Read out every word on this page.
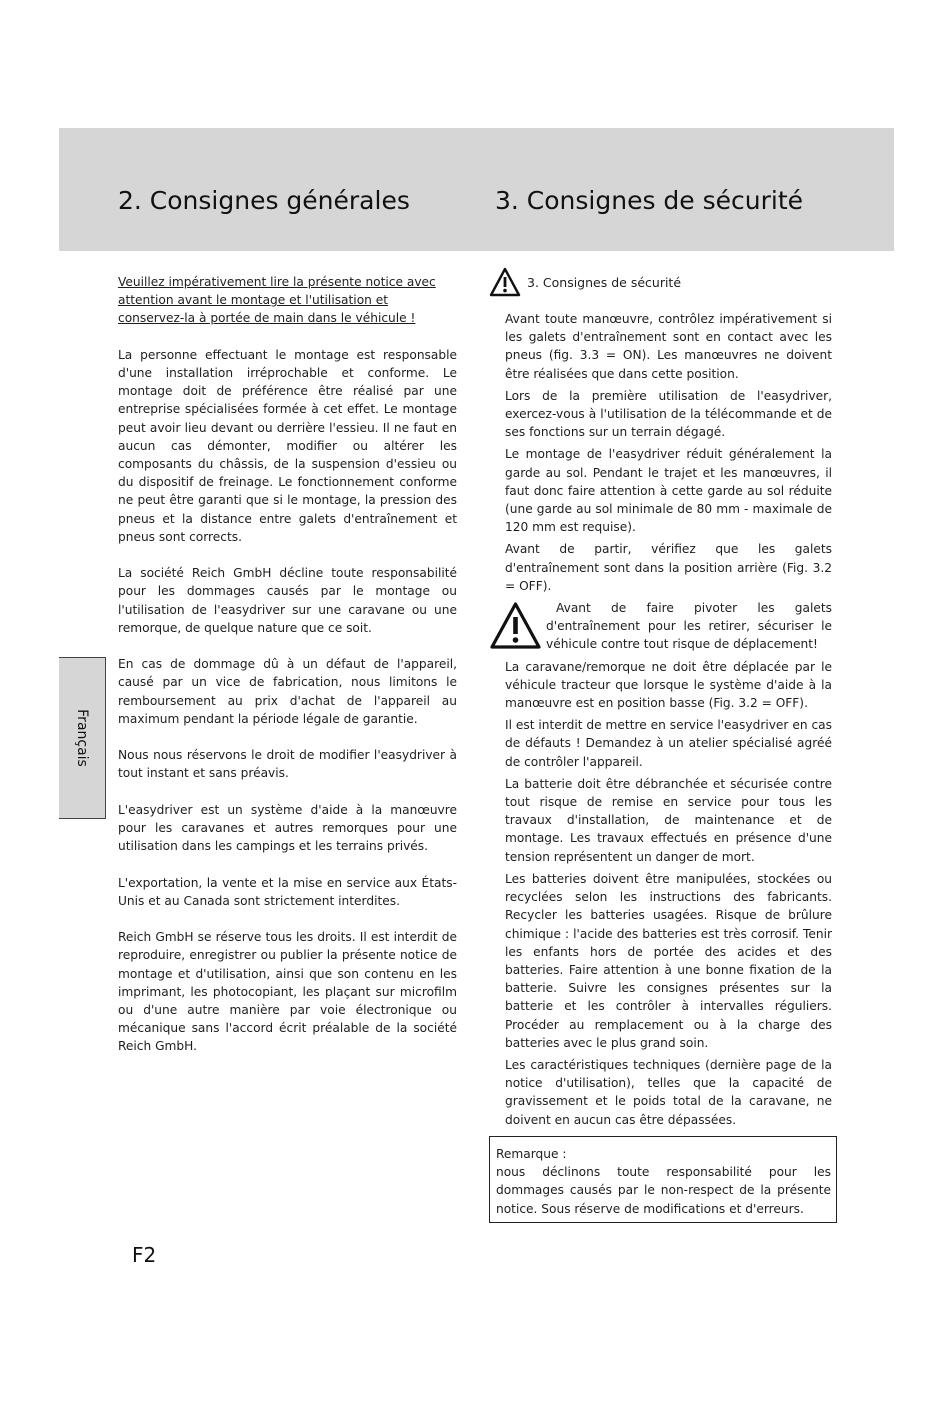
2. Consignes générales	3. Consignes de sécurité

Veuillez impérativement lire la présente notice avec attention avant le montage et l'utilisation et conservez-la à portée de main dans le véhicule !

La personne effectuant le montage est responsable d'une installation irréprochable et conforme. Le montage doit de préférence être réalisé par une entreprise spécialisées formée à cet effet. Le montage peut avoir lieu devant ou derrière l'essieu. Il ne faut en aucun cas démonter, modifier ou altérer les composants du châssis, de la suspension d'essieu ou du dispositif de freinage. Le fonctionnement conforme ne peut être garanti que si le montage, la pression des pneus et la distance entre galets d'entraînement et pneus sont corrects.

La société Reich GmbH décline toute responsabilité pour les dommages causés par le montage ou l'utilisation de l'easydriver sur une caravane ou une remorque, de quelque nature que ce soit.

En cas de dommage dû à un défaut de l'appareil, causé par un vice de fabrication, nous limitons le remboursement au prix d'achat de l'appareil au maximum pendant la période légale de garantie.

Nous nous réservons le droit de modifier l'easydriver à tout instant et sans préavis.

L'easydriver est un système d'aide à la manœuvre pour les caravanes et autres remorques pour une utilisation dans les campings et les terrains privés.

L'exportation, la vente et la mise en service aux États-Unis et au Canada sont strictement interdites.

Reich GmbH se réserve tous les droits. Il est interdit de reproduire, enregistrer ou publier la présente notice de montage et d'utilisation, ainsi que son contenu en les imprimant, les photocopiant, les plaçant sur microfilm ou d'une autre manière par voie électronique ou mécanique sans l'accord écrit préalable de la société Reich GmbH.

Français
3. Consignes de sécurité

Avant toute manœuvre, contrôlez impérativement si les galets d'entraînement sont en contact avec les pneus (fig. 3.3 = ON). Les manœuvres ne doivent être réalisées que dans cette position.

Lors de la première utilisation de l'easydriver, exercez-vous à l'utilisation de la télécommande et de ses fonctions sur un terrain dégagé.

Le montage de l'easydriver réduit généralement la garde au sol. Pendant le trajet et les manœuvres, il faut donc faire attention à cette garde au sol réduite (une garde au sol minimale de 80 mm - maximale de 120 mm est requise).

Avant de partir, vérifiez que les galets d'entraînement sont dans la position arrière (Fig. 3.2 = OFF).

Avant de faire pivoter les galets d'entraînement pour les retirer, sécuriser le véhicule contre tout risque de déplacement!

La caravane/remorque ne doit être déplacée par le véhicule tracteur que lorsque le système d'aide à la manœuvre est en position basse (Fig. 3.2 = OFF).

Il est interdit de mettre en service l'easydriver en cas de défauts ! Demandez à un atelier spécialisé agréé de contrôler l'appareil.

La batterie doit être débranchée et sécurisée contre tout risque de remise en service pour tous les travaux d'installation, de maintenance et de montage. Les travaux effectués en présence d'une tension représentent un danger de mort.

Les batteries doivent être manipulées, stockées ou recyclées selon les instructions des fabricants. Recycler les batteries usagées. Risque de brûlure chimique : l'acide des batteries est très corrosif. Tenir les enfants hors de portée des acides et des batteries. Faire attention à une bonne fixation de la batterie. Suivre les consignes présentes sur la batterie et les contrôler à intervalles réguliers. Procéder au remplacement ou à la charge des batteries avec le plus grand soin.

Les caractéristiques techniques (dernière page de la notice d'utilisation), telles que la capacité de gravissement et le poids total de la caravane, ne doivent en aucun cas être dépassées.

Remarque :
nous déclinons toute responsabilité pour les dommages causés par le non-respect de la présente notice. Sous réserve de modifications et d'erreurs.
F2
